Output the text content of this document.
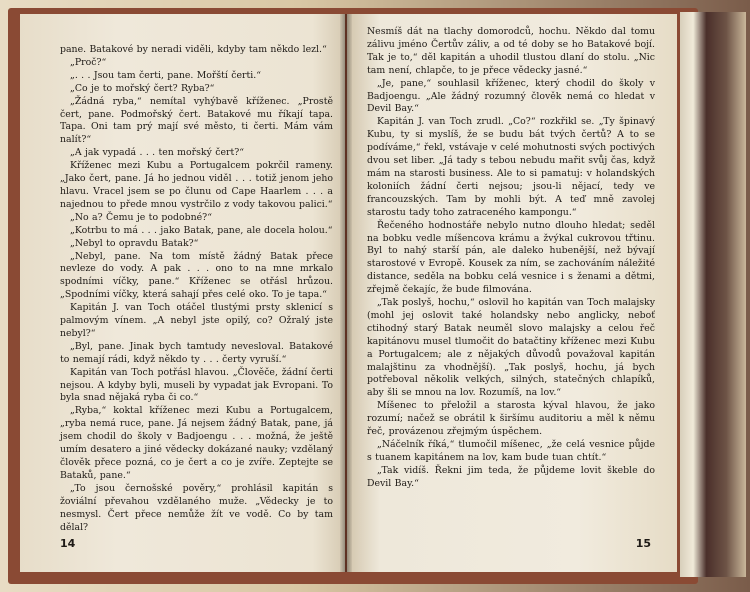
pane. Batakové by neradi viděli, kdyby tam někdo lezl.“

„Proč?“

„. . . Jsou tam čerti, pane. Mořští čerti.“

„Co je to mořský čert? Ryba?“

„Žádná ryba,“ nemítal vyhýbavě kříženec. „Prostě čert, pane. Podmořský čert. Batakové mu říkají tapa. Tapa. Oni tam prý mají své město, ti čerti. Mám vám nalít?“

„A jak vypadá . . . ten mořský čert?“

Kříženec mezi Kubu a Portugalcem pokrčil rameny. „Jako čert, pane. Já ho jednou viděl . . . totiž jenom jeho hlavu. Vracel jsem se po člunu od Cape Haarlem . . . a najednou to přede mnou vystrčilo z vody takovou palici.“

„No a? Čemu je to podobné?“

„Kotrbu to má . . . jako Batak, pane, ale docela holou.“

„Nebyl to opravdu Batak?“

„Nebyl, pane. Na tom místě žádný Batak přece nevleze do vody. A pak . . . ono to na mne mrkalo spodními víčky, pane.“ Kříženec se otřásl hrůzou. „Spodními víčky, která sahají přes celé oko. To je tapa.“

Kapitán J. van Toch otáčel tlustými prsty sklenicí s palmovým vínem. „A nebyl jste opilý, co? Ožralý jste nebyl?“

„Byl, pane. Jinak bych tamtudy nevesloval. Batakové to nemají rádi, když někdo ty . . . čerty vyruší.“

Kapitán van Toch potřásl hlavou. „Člověče, žádní čerti nejsou. A kdyby byli, museli by vypadat jak Evropani. To byla snad nějaká ryba či co.“

„Ryba,“ koktal kříženec mezi Kubu a Portugalcem, „ryba nemá ruce, pane. Já nejsem žádný Batak, pane, já jsem chodil do školy v Badjoengu . . . možná, že ještě umím desatero a jiné vědecky dokázané nauky; vzdělaný člověk přece pozná, co je čert a co je zvíře. Zeptejte se Bataků, pane.“

„To jsou černošské pověry,“ prohlásil kapitán s žoviální převahou vzdělaného muže. „Vědecky je to nesmysl. Čert přece nemůže žít ve vodě. Co by tam dělal?

14

Nesmíš dát na tlachy domorodců, hochu. Někdo dal tomu zálivu jméno Čertův záliv, a od té doby se ho Batakové bojí. Tak je to,“ děl kapitán a uhodil tlustou dlaní do stolu. „Nic tam není, chlapče, to je přece vědecky jasné.“

„Je, pane,“ souhlasil kříženec, který chodil do školy v Badjoengu. „Ale žádný rozumný člověk nemá co hledat v Devil Bay.“

Kapitán J. van Toch zrudl. „Co?“ rozkřikl se. „Ty špinavý Kubu, ty si myslíš, že se budu bát tvých čertů? A to se podíváme,“ řekl, vstávaje v celé mohutnosti svých poctivých dvou set liber. „Já tady s tebou nebudu mařit svůj čas, když mám na starosti business. Ale to si pamatuj: v holandských koloniích žádní čerti nejsou; jsou-li nějací, tedy ve francouzských. Tam by mohli být. A teď mně zavolej starostu tady toho zatraceného kampongu.“

Řečeného hodnostáře nebylo nutno dlouho hledat; seděl na bobku vedle míšencova krámu a žvýkal cukrovou třtinu. Byl to nahý starší pán, ale daleko hubenější, než bývají starostové v Evropě. Kousek za ním, se zachováním náležité distance, seděla na bobku celá vesnice i s ženami a dětmi, zřejmě čekajíc, že bude filmována.

„Tak poslyš, hochu,“ oslovil ho kapitán van Toch malajsky (mohl jej oslovit také holandsky nebo anglicky, neboť ctihodný starý Batak neuměl slovo malajsky a celou řeč kapitánovu musel tlumočit do batačtiny kříženec mezi Kubu a Portugalcem; ale z nějakých důvodů považoval kapitán malajštinu za vhodnější). „Tak poslyš, hochu, já bych potřeboval několik velkých, silných, statečných chlapíků, aby šli se mnou na lov. Rozumíš, na lov.“

Míšenec to přeložil a starosta kýval hlavou, že jako rozumí; načež se obrátil k širšímu auditoriu a měl k němu řeč, provázenou zřejmým úspěchem.

„Náčelník říká,“ tlumočil míšenec, „že celá vesnice půjde s tuanem kapitánem na lov, kam bude tuan chtít.“

„Tak vidíš. Řekni jim teda, že půjdeme lovit škeble do Devil Bay.“

15
